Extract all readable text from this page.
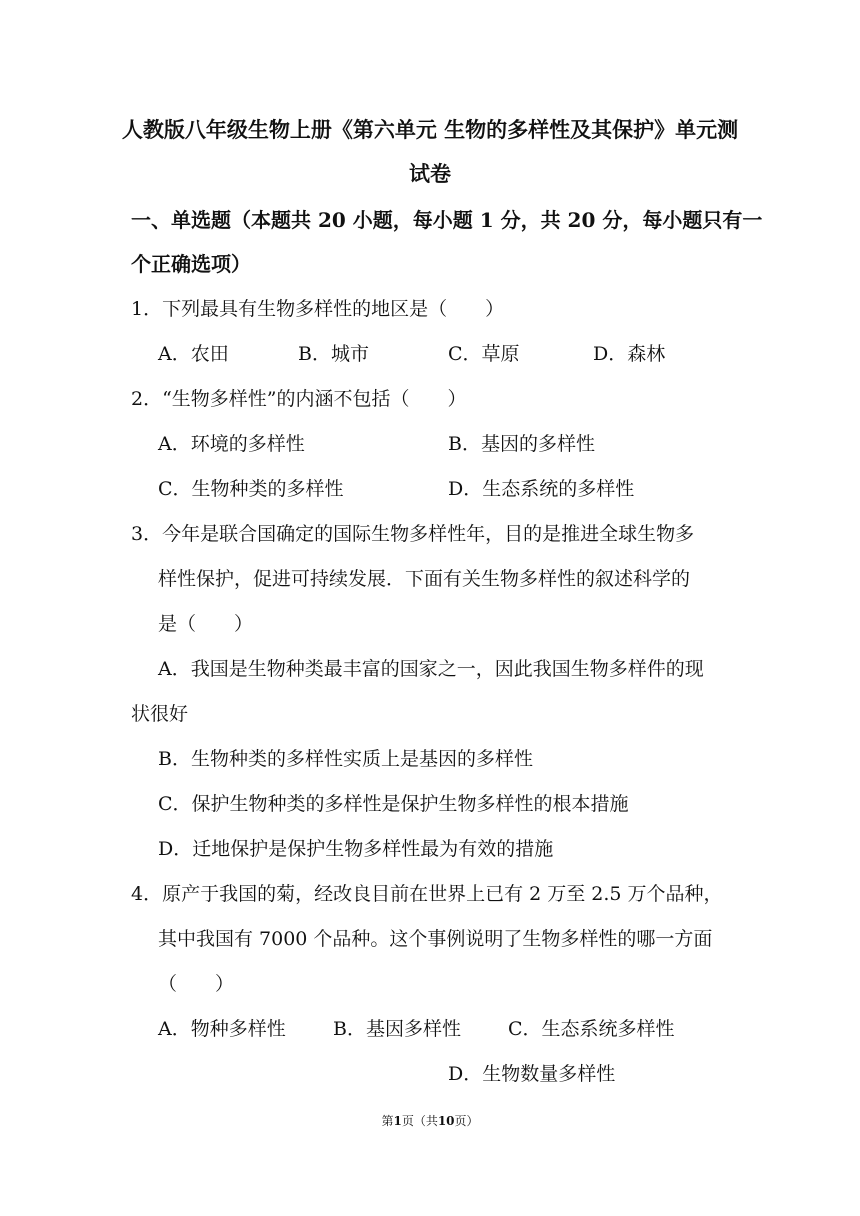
人教版八年级生物上册《第六单元 生物的多样性及其保护》单元测
试卷
一、单选题（本题共 20 小题，每小题 1 分，共 20 分，每小题只有一
个正确选项）
1．下列最具有生物多样性的地区是（　　）
A．农田	B．城市	C．草原	D．森林
2．“生物多样性”的内涵不包括（　　）
A．环境的多样性	B．基因的多样性
C．生物种类的多样性	D．生态系统的多样性
3．今年是联合国确定的国际生物多样性年，目的是推进全球生物多
样性保护，促进可持续发展．下面有关生物多样性的叙述科学的
是（　　）
A．我国是生物种类最丰富的国家之一，因此我国生物多样件的现
状很好
B．生物种类的多样性实质上是基因的多样性
C．保护生物种类的多样性是保护生物多样性的根本措施
D．迁地保护是保护生物多样性最为有效的措施
4．原产于我国的菊，经改良目前在世界上已有 2 万至 2.5 万个品种，
其中我国有 7000 个品种。这个事例说明了生物多样性的哪一方面
（　　）
A．物种多样性 B．基因多样性 C．生态系统多样性
D．生物数量多样性
第1页（共10页）
